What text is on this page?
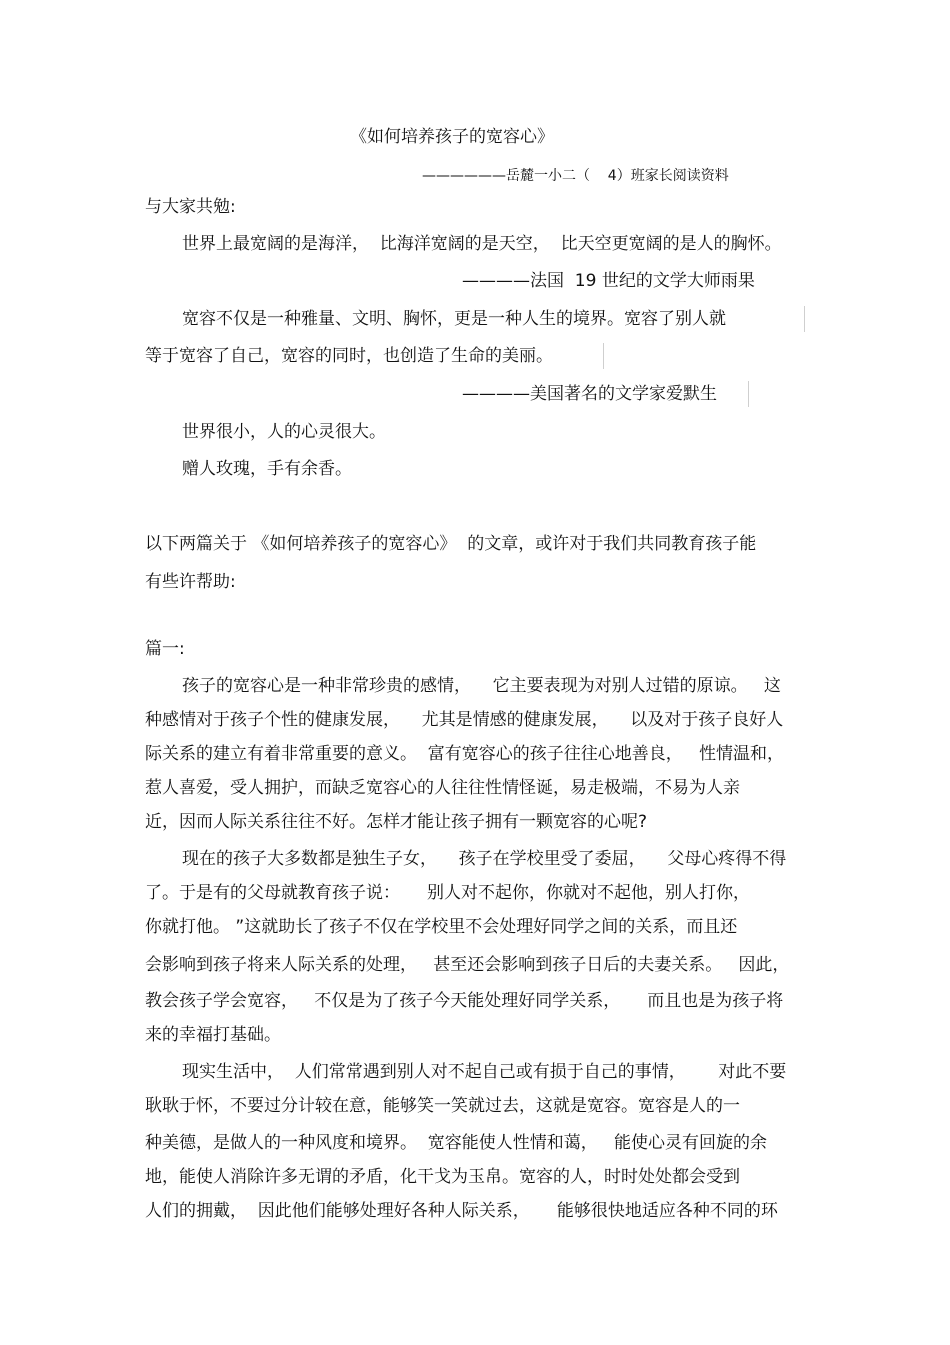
《如何培养孩子的宽容心》
——————岳麓一小二（    4）班家长阅读资料
与大家共勉:
世界上最宽阔的是海洋，  比海洋宽阔的是天空，  比天空更宽阔的是人的胸怀。
————法国  19 世纪的文学大师雨果
宽容不仅是一种雅量、文明、胸怀，更是一种人生的境界。宽容了别人就
等于宽容了自己，宽容的同时，也创造了生命的美丽。
————美国著名的文学家爱默生
世界很小，人的心灵很大。
赠人玫瑰，手有余香。
以下两篇关于 《如何培养孩子的宽容心》  的文章，或许对于我们共同教育孩子能
有些许帮助:
篇一:
孩子的宽容心是一种非常珍贵的感情，    它主要表现为对别人过错的原谅。   这
种感情对于孩子个性的健康发展，    尤其是情感的健康发展，    以及对于孩子良好人
际关系的建立有着非常重要的意义。  富有宽容心的孩子往往心地善良，   性情温和，
惹人喜爱，受人拥护，而缺乏宽容心的人往往性情怪诞，易走极端，不易为人亲
近，因而人际关系往往不好。怎样才能让孩子拥有一颗宽容的心呢?
现在的孩子大多数都是独生子女，    孩子在学校里受了委屈，    父母心疼得不得
了。于是有的父母就教育孩子说：     别人对不起你，你就对不起他，别人打你，
你就打他。 ”这就助长了孩子不仅在学校里不会处理好同学之间的关系，而且还
会影响到孩子将来人际关系的处理，   甚至还会影响到孩子日后的夫妻关系。   因此，
教会孩子学会宽容，   不仅是为了孩子今天能处理好同学关系，     而且也是为孩子将
来的幸福打基础。
现实生活中，  人们常常遇到别人对不起自己或有损于自己的事情，      对此不要
耿耿于怀，不要过分计较在意，能够笑一笑就过去，这就是宽容。宽容是人的一
种美德，是做人的一种风度和境界。  宽容能使人性情和蔼，   能使心灵有回旋的余
地，能使人消除许多无谓的矛盾，化干戈为玉帛。宽容的人，时时处处都会受到
人们的拥戴，  因此他们能够处理好各种人际关系，     能够很快地适应各种不同的环
